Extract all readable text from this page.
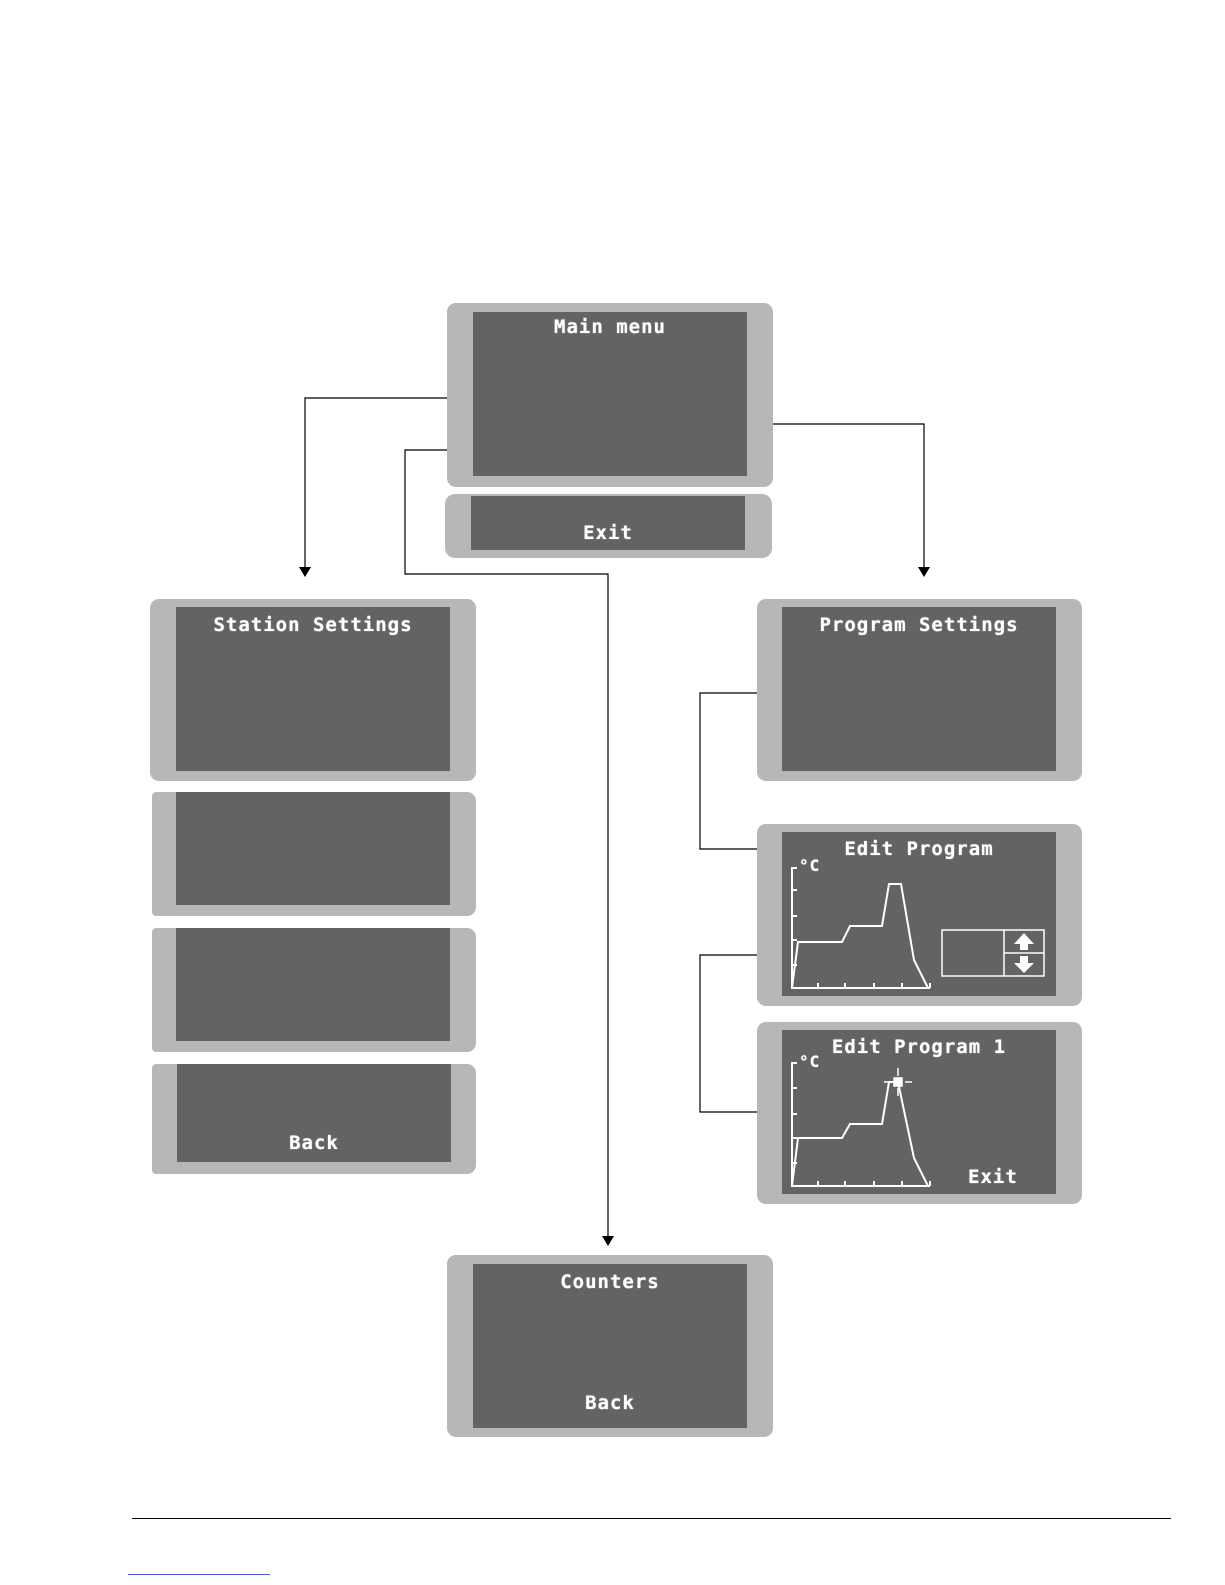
Main menu
Exit
Station Settings
Back
Program Settings
Edit Program
°C
Edit Program 1
°C
Exit
Counters
Back
